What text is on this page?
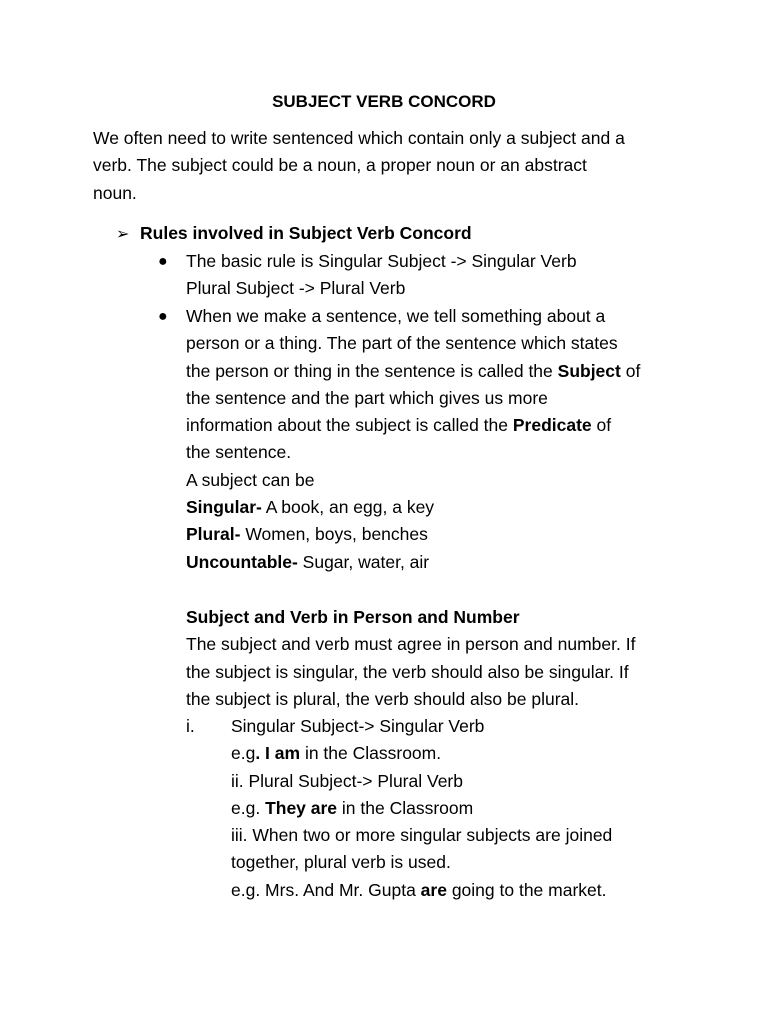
SUBJECT VERB CONCORD
We often need to write sentenced which contain only a subject and a
verb. The subject could be a noun, a proper noun or an abstract
noun.
➢ Rules involved in Subject Verb Concord
● The basic rule is Singular Subject -> Singular Verb
Plural Subject -> Plural Verb
● When we make a sentence, we tell something about a
person or a thing. The part of the sentence which states
the person or thing in the sentence is called the Subject of
the sentence and the part which gives us more
information about the subject is called the Predicate of
the sentence.
A subject can be
Singular- A book, an egg, a key
Plural- Women, boys, benches
Uncountable- Sugar, water, air
Subject and Verb in Person and Number
The subject and verb must agree in person and number. If
the subject is singular, the verb should also be singular. If
the subject is plural, the verb should also be plural.
i. Singular Subject-> Singular Verb
e.g. I am in the Classroom.
ii. Plural Subject-> Plural Verb
e.g. They are in the Classroom
iii. When two or more singular subjects are joined
together, plural verb is used.
e.g. Mrs. And Mr. Gupta are going to the market.
